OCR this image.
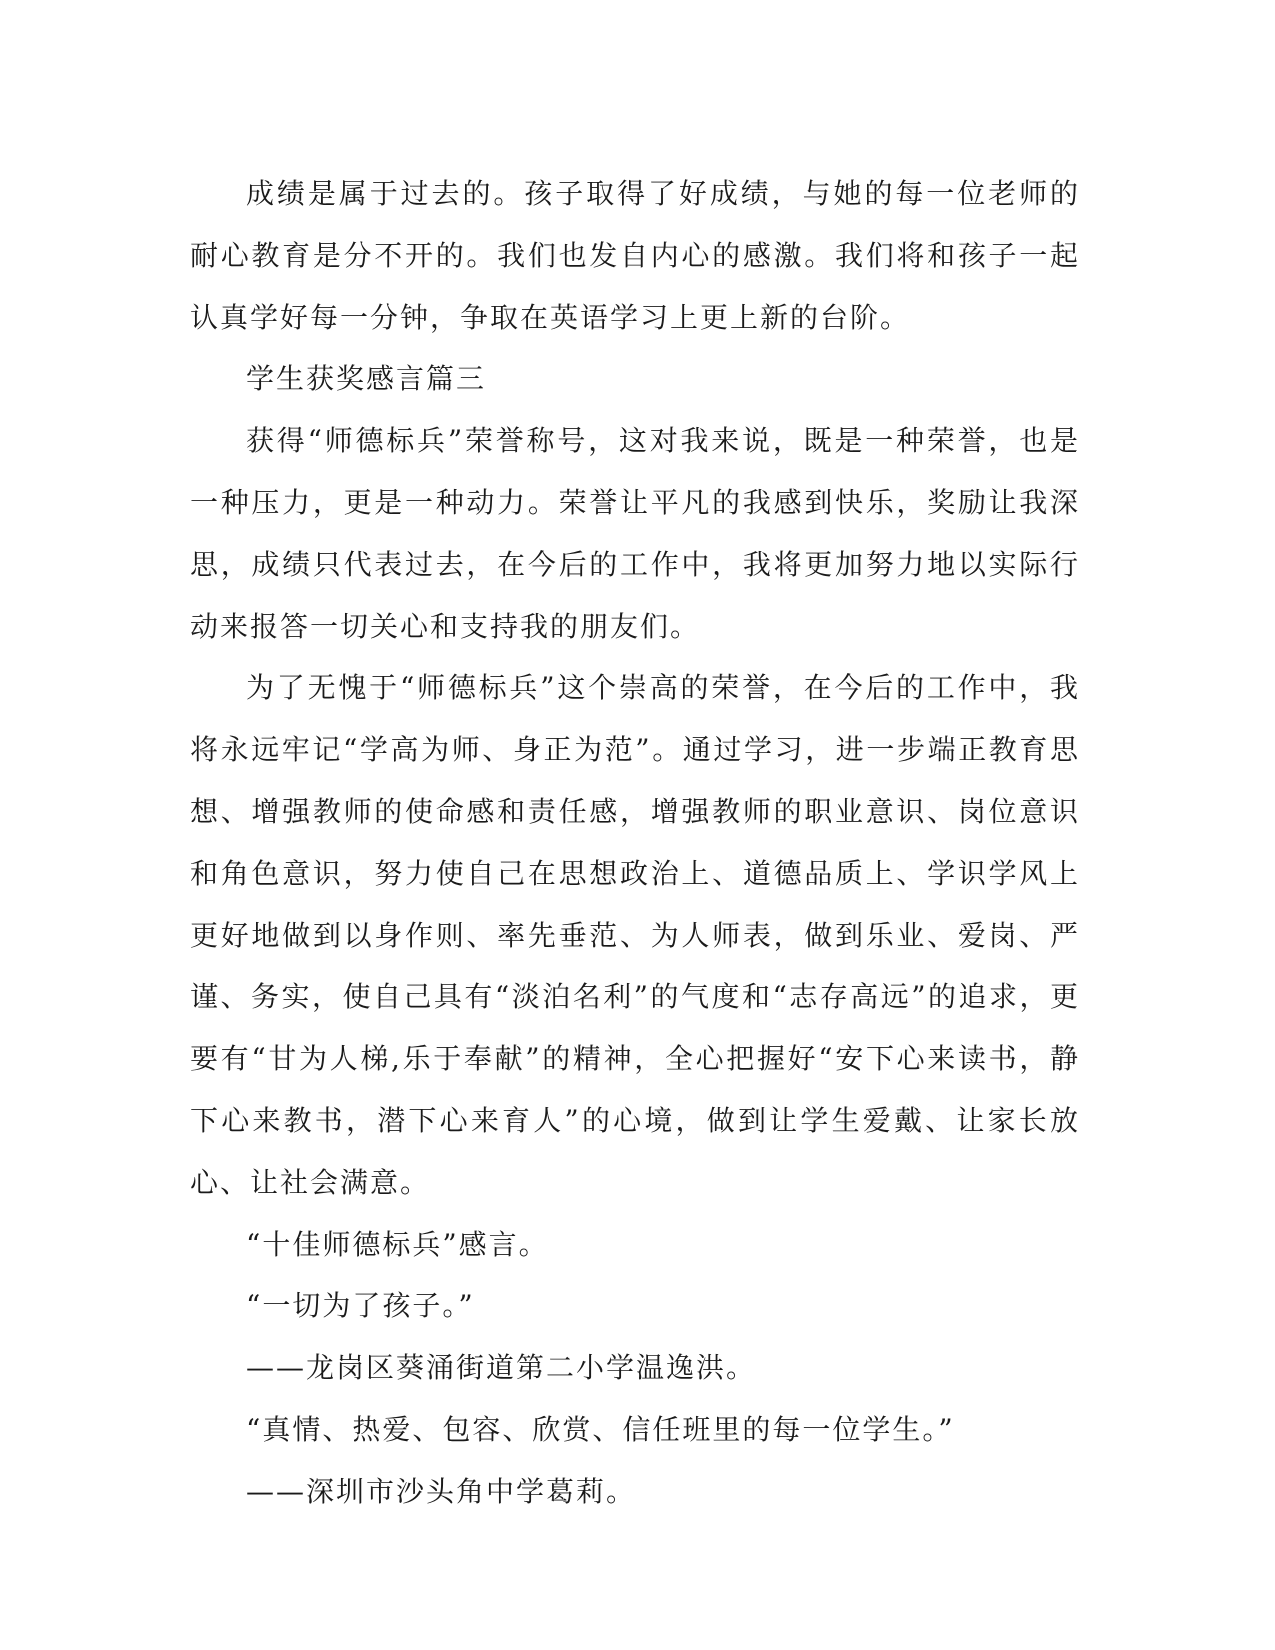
成绩是属于过去的。孩子取得了好成绩，与她的每一位老师的耐心教育是分不开的。我们也发自内心的感激。我们将和孩子一起认真学好每一分钟，争取在英语学习上更上新的台阶。

学生获奖感言篇三

获得“师德标兵”荣誉称号，这对我来说，既是一种荣誉，也是一种压力，更是一种动力。荣誉让平凡的我感到快乐，奖励让我深思，成绩只代表过去，在今后的工作中，我将更加努力地以实际行动来报答一切关心和支持我的朋友们。

为了无愧于“师德标兵”这个崇高的荣誉，在今后的工作中，我将永远牢记“学高为师、身正为范”。通过学习，进一步端正教育思想、增强教师的使命感和责任感，增强教师的职业意识、岗位意识和角色意识，努力使自己在思想政治上、道德品质上、学识学风上更好地做到以身作则、率先垂范、为人师表，做到乐业、爱岗、严谨、务实，使自己具有“淡泊名利”的气度和“志存高远”的追求，更要有“甘为人梯,乐于奉献”的精神，全心把握好“安下心来读书，静下心来教书，潜下心来育人”的心境，做到让学生爱戴、让家长放心、让社会满意。

“十佳师德标兵”感言。

“一切为了孩子。”

——龙岗区葵涌街道第二小学温逸洪。

“真情、热爱、包容、欣赏、信任班里的每一位学生。”

——深圳市沙头角中学葛莉。
